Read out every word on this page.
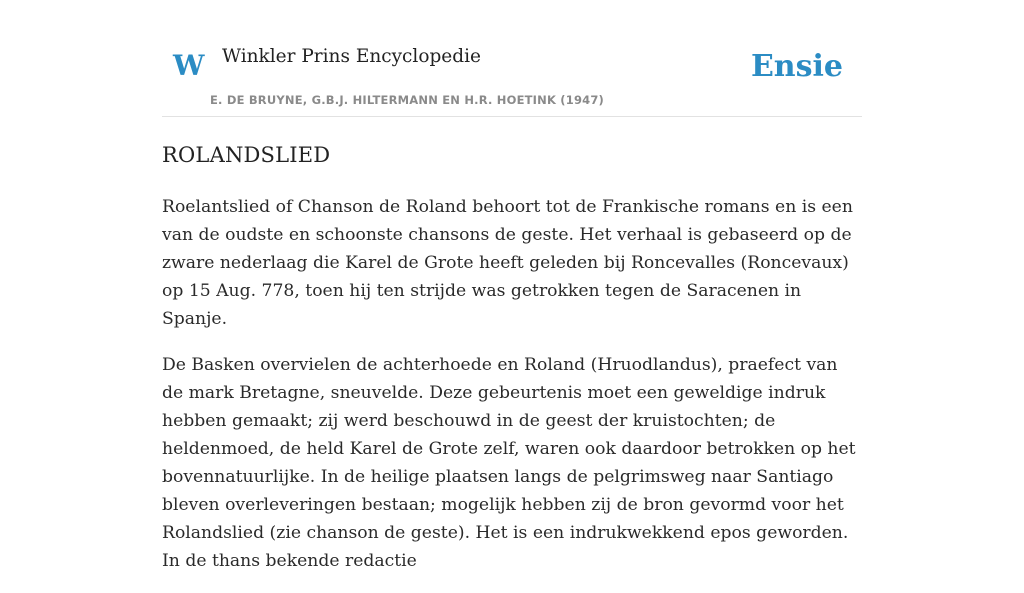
W Winkler Prins Encyclopedie
E. DE BRUYNE, G.B.J. HILTERMANN EN H.R. HOETINK (1947)
Ensie
ROLANDSLIED

Roelantslied of Chanson de Roland behoort tot de Frankische romans en is een van de oudste en schoonste chansons de geste. Het verhaal is gebaseerd op de zware nederlaag die Karel de Grote heeft geleden bij Roncevalles (Roncevaux) op 15 Aug. 778, toen hij ten strijde was getrokken tegen de Saracenen in Spanje.

De Basken overvielen de achterhoede en Roland (Hruodlandus), praefect van de mark Bretagne, sneuvelde. Deze gebeurtenis moet een geweldige indruk hebben gemaakt; zij werd beschouwd in de geest der kruistochten; de heldenmoed, de held Karel de Grote zelf, waren ook daardoor betrokken op het bovennatuurlijke. In de heilige plaatsen langs de pelgrimsweg naar Santiago bleven overleveringen bestaan; mogelijk hebben zij de bron gevormd voor het Rolandslied (zie chanson de geste). Het is een indrukwekkend epos geworden. In de thans bekende redactie
